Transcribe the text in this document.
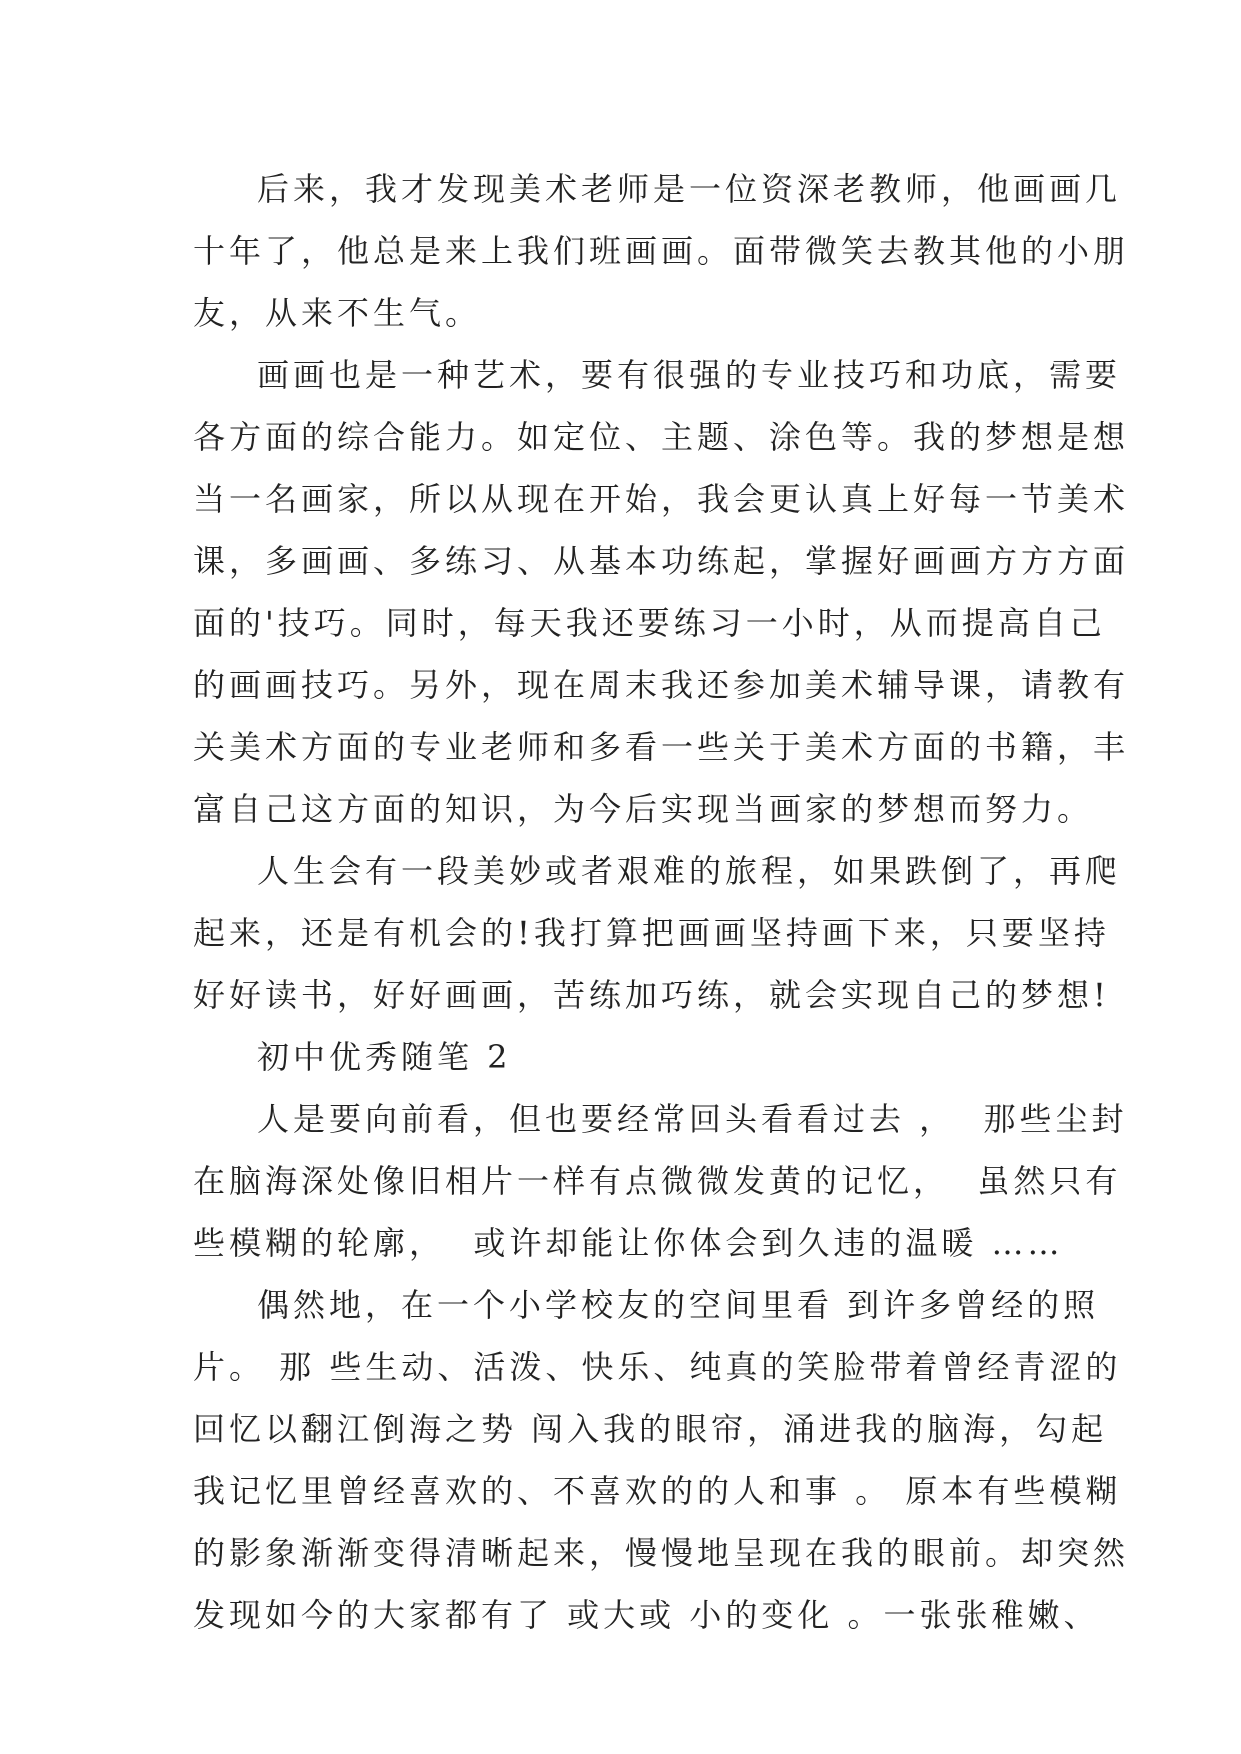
后来，我才发现美术老师是一位资深老教师，他画画几
十年了，他总是来上我们班画画。面带微笑去教其他的小朋
友，从来不生气。
画画也是一种艺术，要有很强的专业技巧和功底，需要
各方面的综合能力。如定位、主题、涂色等。我的梦想是想
当一名画家，所以从现在开始，我会更认真上好每一节美术
课，多画画、多练习、从基本功练起，掌握好画画方方方面
面的'技巧。同时，每天我还要练习一小时，从而提高自己
的画画技巧。另外，现在周末我还参加美术辅导课，请教有
关美术方面的专业老师和多看一些关于美术方面的书籍，丰
富自己这方面的知识，为今后实现当画家的梦想而努力。
人生会有一段美妙或者艰难的旅程，如果跌倒了，再爬
起来，还是有机会的!我打算把画画坚持画下来，只要坚持
好好读书，好好画画，苦练加巧练，就会实现自己的梦想!
初中优秀随笔 2
人是要向前看，但也要经常回头看看过去 ，  那些尘封
在脑海深处像旧相片一样有点微微发黄的记忆，  虽然只有
些模糊的轮廓，  或许却能让你体会到久违的温暖 ……
偶然地，在一个小学校友的空间里看 到许多曾经的照
片。 那 些生动、活泼、快乐、纯真的笑脸带着曾经青涩的
回忆以翻江倒海之势 闯入我的眼帘，涌进我的脑海，勾起
我记忆里曾经喜欢的、不喜欢的的人和事 。 原本有些模糊
的影象渐渐变得清晰起来，慢慢地呈现在我的眼前。却突然
发现如今的大家都有了 或大或 小的变化 。一张张稚嫩、
